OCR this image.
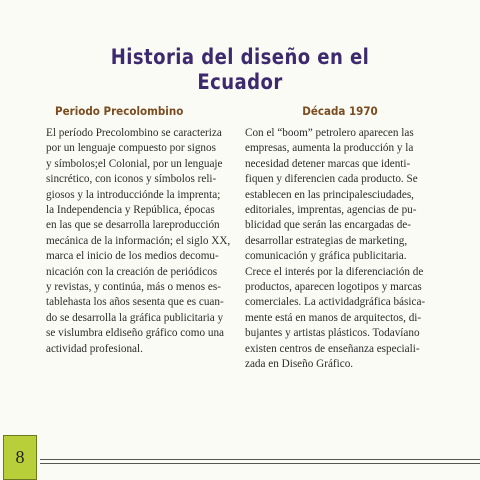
Historia del diseño en el
Ecuador
Periodo Precolombino
El período Precolombino se caracteriza
por un lenguaje compuesto por signos
y símbolos;el Colonial, por un lenguaje
sincrético, con iconos y símbolos reli-
giosos y la introducciónde la imprenta;
la Independencia y República, épocas
en las que se desarrolla lareproducción
mecánica de la información; el siglo XX,
marca el inicio de los medios decomu-
nicación con la creación de periódicos
y revistas, y continúa, más o menos es-
tablehasta los años sesenta que es cuan-
do se desarrolla la gráfica publicitaria y
se vislumbra eldiseño gráfico como una
actividad profesional.
Década 1970
Con el “boom” petrolero aparecen las
empresas, aumenta la producción y la
necesidad detener marcas que identi-
fiquen y diferencien cada producto. Se
establecen en las principalesciudades,
editoriales, imprentas, agencias de pu-
blicidad que serán las encargadas de-
desarrollar estrategias de marketing,
comunicación y gráfica publicitaria.
Crece el interés por la diferenciación de
productos, aparecen logotipos y marcas
comerciales. La actividadgráfica básica-
mente está en manos de arquitectos, di-
bujantes y artistas plásticos. Todavíano
existen centros de enseñanza especiali-
zada en Diseño Gráfico.
8
